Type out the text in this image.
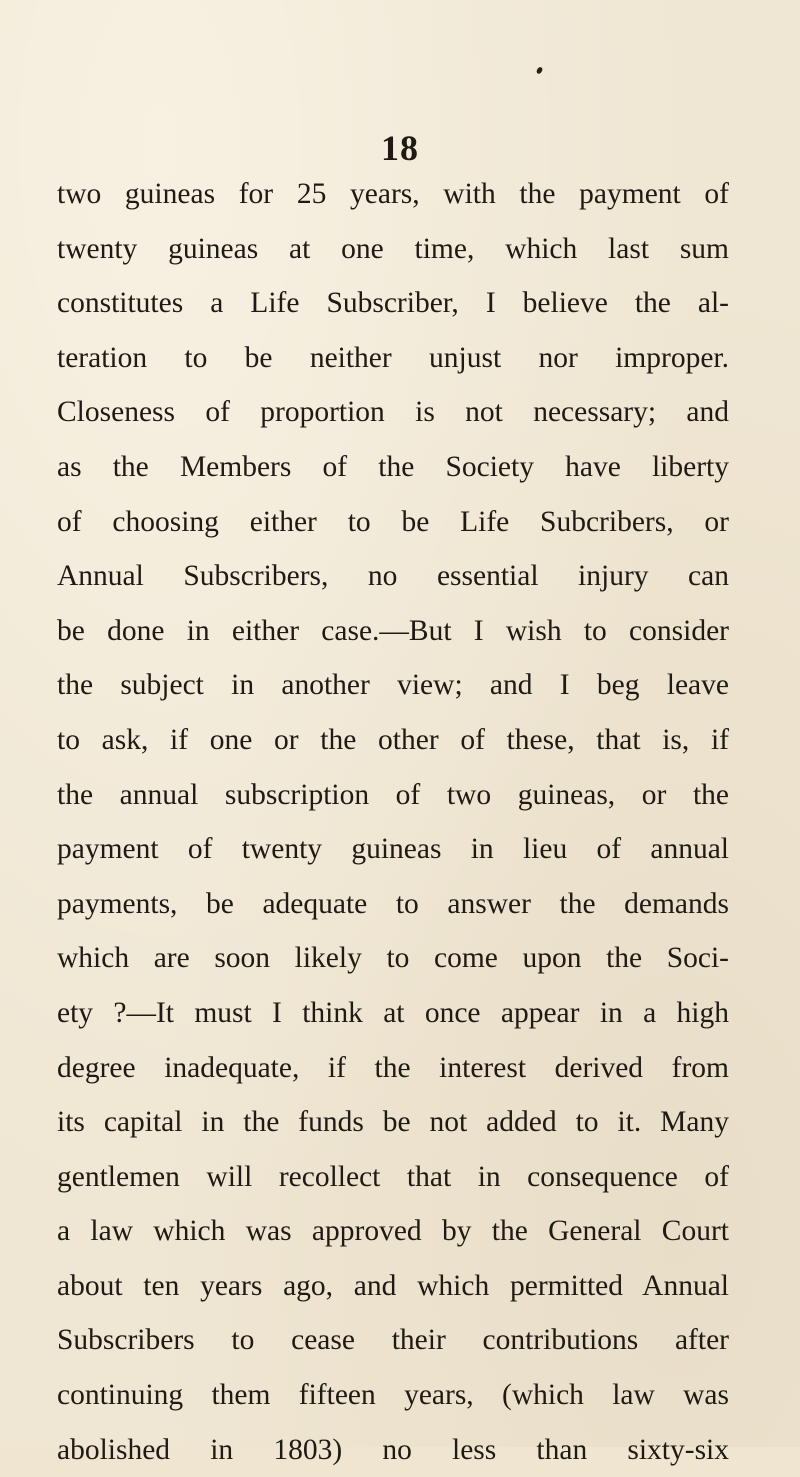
18
two guineas for 25 years, with the payment of
twenty guineas at one time, which last sum
constitutes a Life Subscriber, I believe the al-
teration to be neither unjust nor improper.
Closeness of proportion is not necessary; and
as the Members of the Society have liberty
of choosing either to be Life Subcribers, or
Annual Subscribers, no essential injury can
be done in either case.—But I wish to consider
the subject in another view; and I beg leave
to ask, if one or the other of these, that is, if
the annual subscription of two guineas, or the
payment of twenty guineas in lieu of annual
payments, be adequate to answer the demands
which are soon likely to come upon the Soci-
ety ?—It must I think at once appear in a high
degree inadequate, if the interest derived from
its capital in the funds be not added to it. Many
gentlemen will recollect that in consequence of
a law which was approved by the General Court
about ten years ago, and which permitted Annual
Subscribers to cease their contributions after
continuing them fifteen years, (which law was
abolished in 1803) no less than sixty-six
